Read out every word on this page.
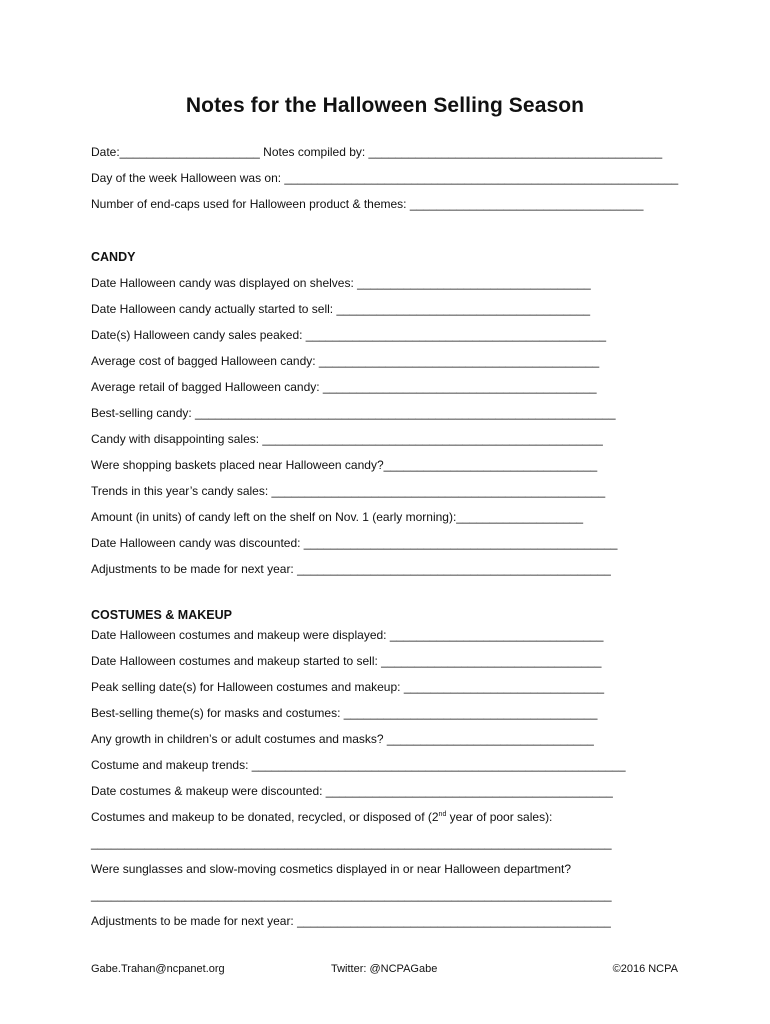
Notes for the Halloween Selling Season
Date:_____________________ Notes compiled by: ____________________________________________
Day of the week Halloween was on: ___________________________________________________________
Number of end-caps used for Halloween product & themes: ___________________________________
CANDY
Date Halloween candy was displayed on shelves: ___________________________________
Date Halloween candy actually started to sell: ______________________________________
Date(s) Halloween candy sales peaked: _____________________________________________
Average cost of bagged Halloween candy: __________________________________________
Average retail of bagged Halloween candy: _________________________________________
Best-selling candy: _______________________________________________________________
Candy with disappointing sales: ___________________________________________________
Were shopping baskets placed near Halloween candy?________________________________
Trends in this year’s candy sales: __________________________________________________
Amount (in units) of candy left on the shelf on Nov. 1 (early morning):___________________
Date Halloween candy was discounted: _______________________________________________
Adjustments to be made for next year: _______________________________________________
COSTUMES & MAKEUP
Date Halloween costumes and makeup were displayed: ________________________________
Date Halloween costumes and makeup started to sell: _________________________________
Peak selling date(s) for Halloween costumes and makeup: ______________________________
Best-selling theme(s) for masks and costumes: ______________________________________
Any growth in children’s or adult costumes and masks? _______________________________
Costume and makeup trends: ________________________________________________________
Date costumes & makeup were discounted: ___________________________________________
Costumes and makeup to be donated, recycled, or disposed of (2nd year of poor sales):
______________________________________________________________________________
Were sunglasses and slow-moving cosmetics displayed in or near Halloween department?
______________________________________________________________________________
Adjustments to be made for next year: _______________________________________________
Gabe.Trahan@ncpanet.org	Twitter: @NCPAGabe	©2016 NCPA
